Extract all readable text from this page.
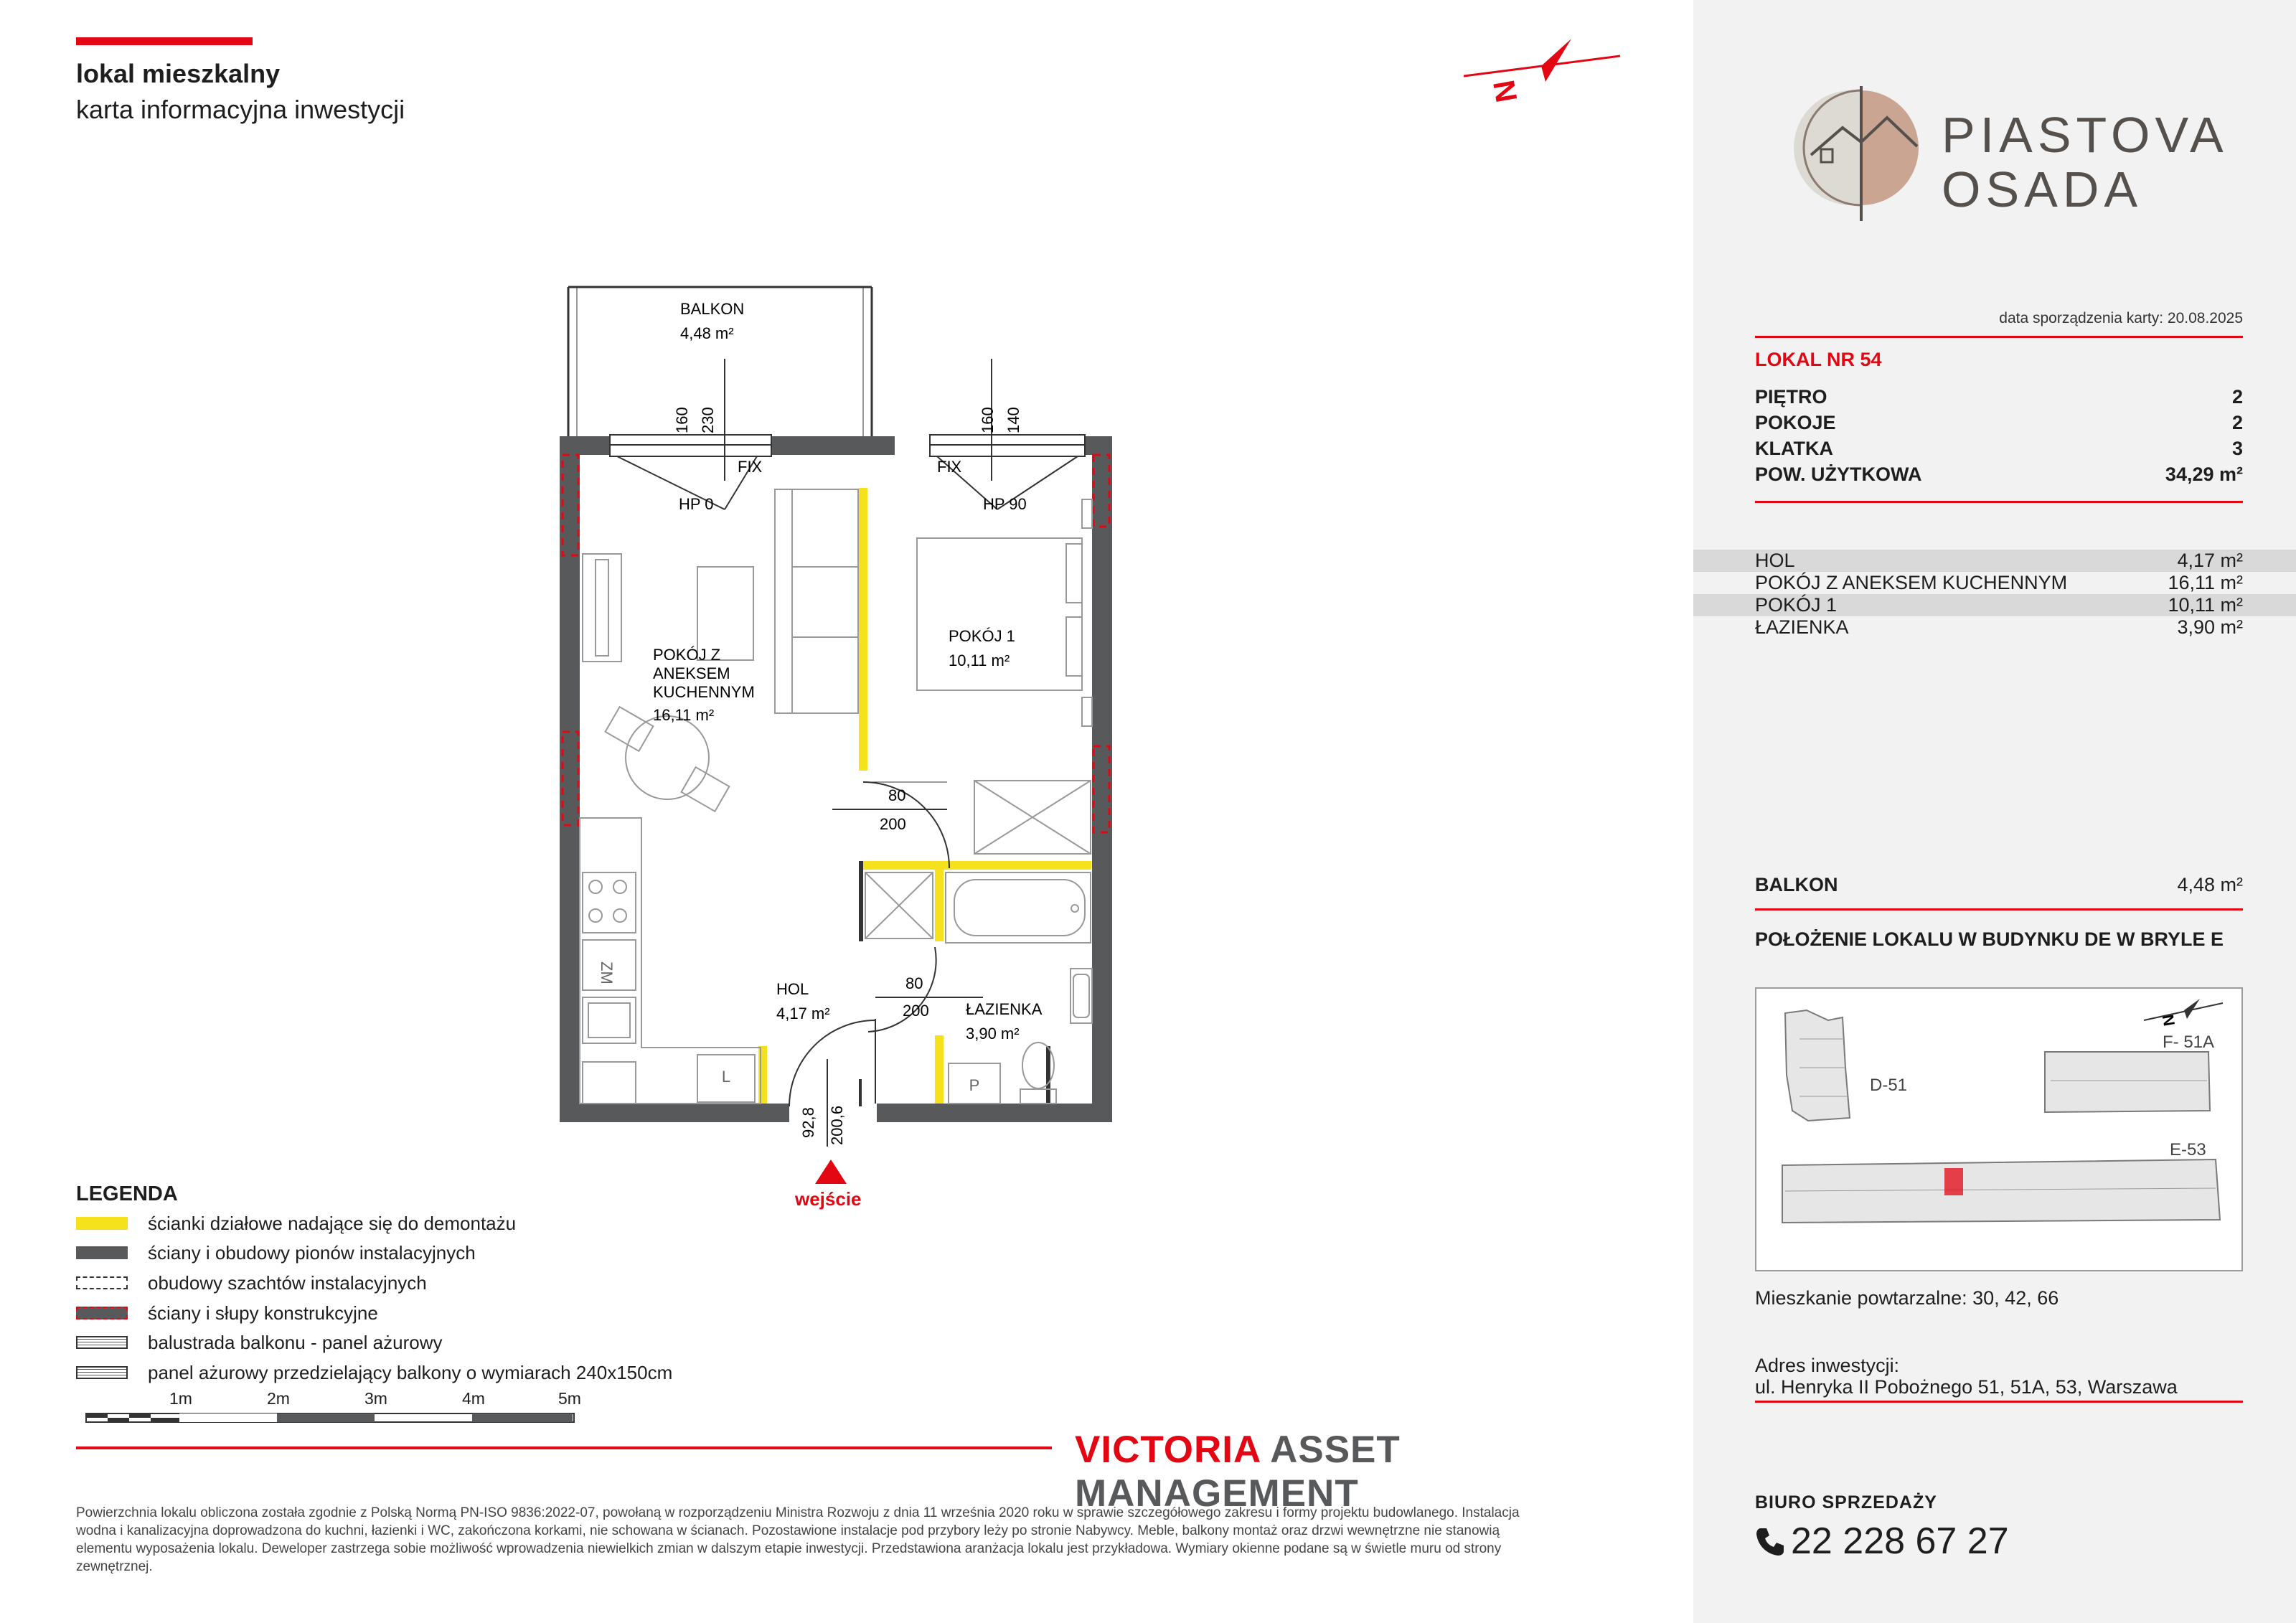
lokal mieszkalny
karta informacyjna inwestycji
N
BALKON
4,48 m²
160 230	160 140
FIX	FIX
HP 0	HP 90
P
ZM
L
80
200
80
200
92,8 200,6
POKÓJ Z
ANEKSEM
KUCHENNYM
16,11 m²
POKÓJ 1
10,11 m²
HOL
4,17 m²	ŁAZIENKA
3,90 m²
wejście
LEGENDA
ścianki działowe nadające się do demontażu
ściany i obudowy pionów instalacyjnych
obudowy szachtów instalacyjnych
ściany i słupy konstrukcyjne
balustrada balkonu - panel ażurowy
panel ażurowy przedzielający balkony o wymiarach 240x150cm
1m	2m	3m	4m	5m
VICTORIA ASSET MANAGEMENT
Powierzchnia lokalu obliczona została zgodnie z Polską Normą PN-ISO 9836:2022-07, powołaną w rozporządzeniu Ministra Rozwoju z dnia 11 września 2020 roku w sprawie szczegółowego zakresu i formy projektu budowlanego. Instalacja wodna i kanalizacyjna doprowadzona do kuchni, łazienki i WC, zakończona korkami, nie schowana w ścianach. Pozostawione instalacje pod przybory leży po stronie Nabywcy. Meble, balkony montaż oraz drzwi wewnętrzne nie stanowią elementu wyposażenia lokalu. Deweloper zastrzega sobie możliwość wprowadzenia niewielkich zmian w dalszym etapie inwestycji. Przedstawiona aranżacja lokalu jest przykładowa. Wymiary okienne podane są w świetle muru od strony zewnętrznej.
PIASTOVA
OSADA
data sporządzenia karty: 20.08.2025
LOKAL NR 54
PIĘTRO	2
POKOJE	2
KLATKA	3
POW. UŻYTKOWA	34,29 m²
HOL	4,17 m²
POKÓJ Z ANEKSEM KUCHENNYM	16,11 m²
POKÓJ 1	10,11 m²
ŁAZIENKA	3,90 m²
BALKON	4,48 m²
POŁOŻENIE LOKALU W BUDYNKU DE W BRYLE E
D-51
F- 51A
E-53
N
Mieszkanie powtarzalne: 30, 42, 66
Adres inwestycji:
ul. Henryka II Pobożnego 51, 51A, 53, Warszawa
BIURO SPRZEDAŻY
22 228 67 27
